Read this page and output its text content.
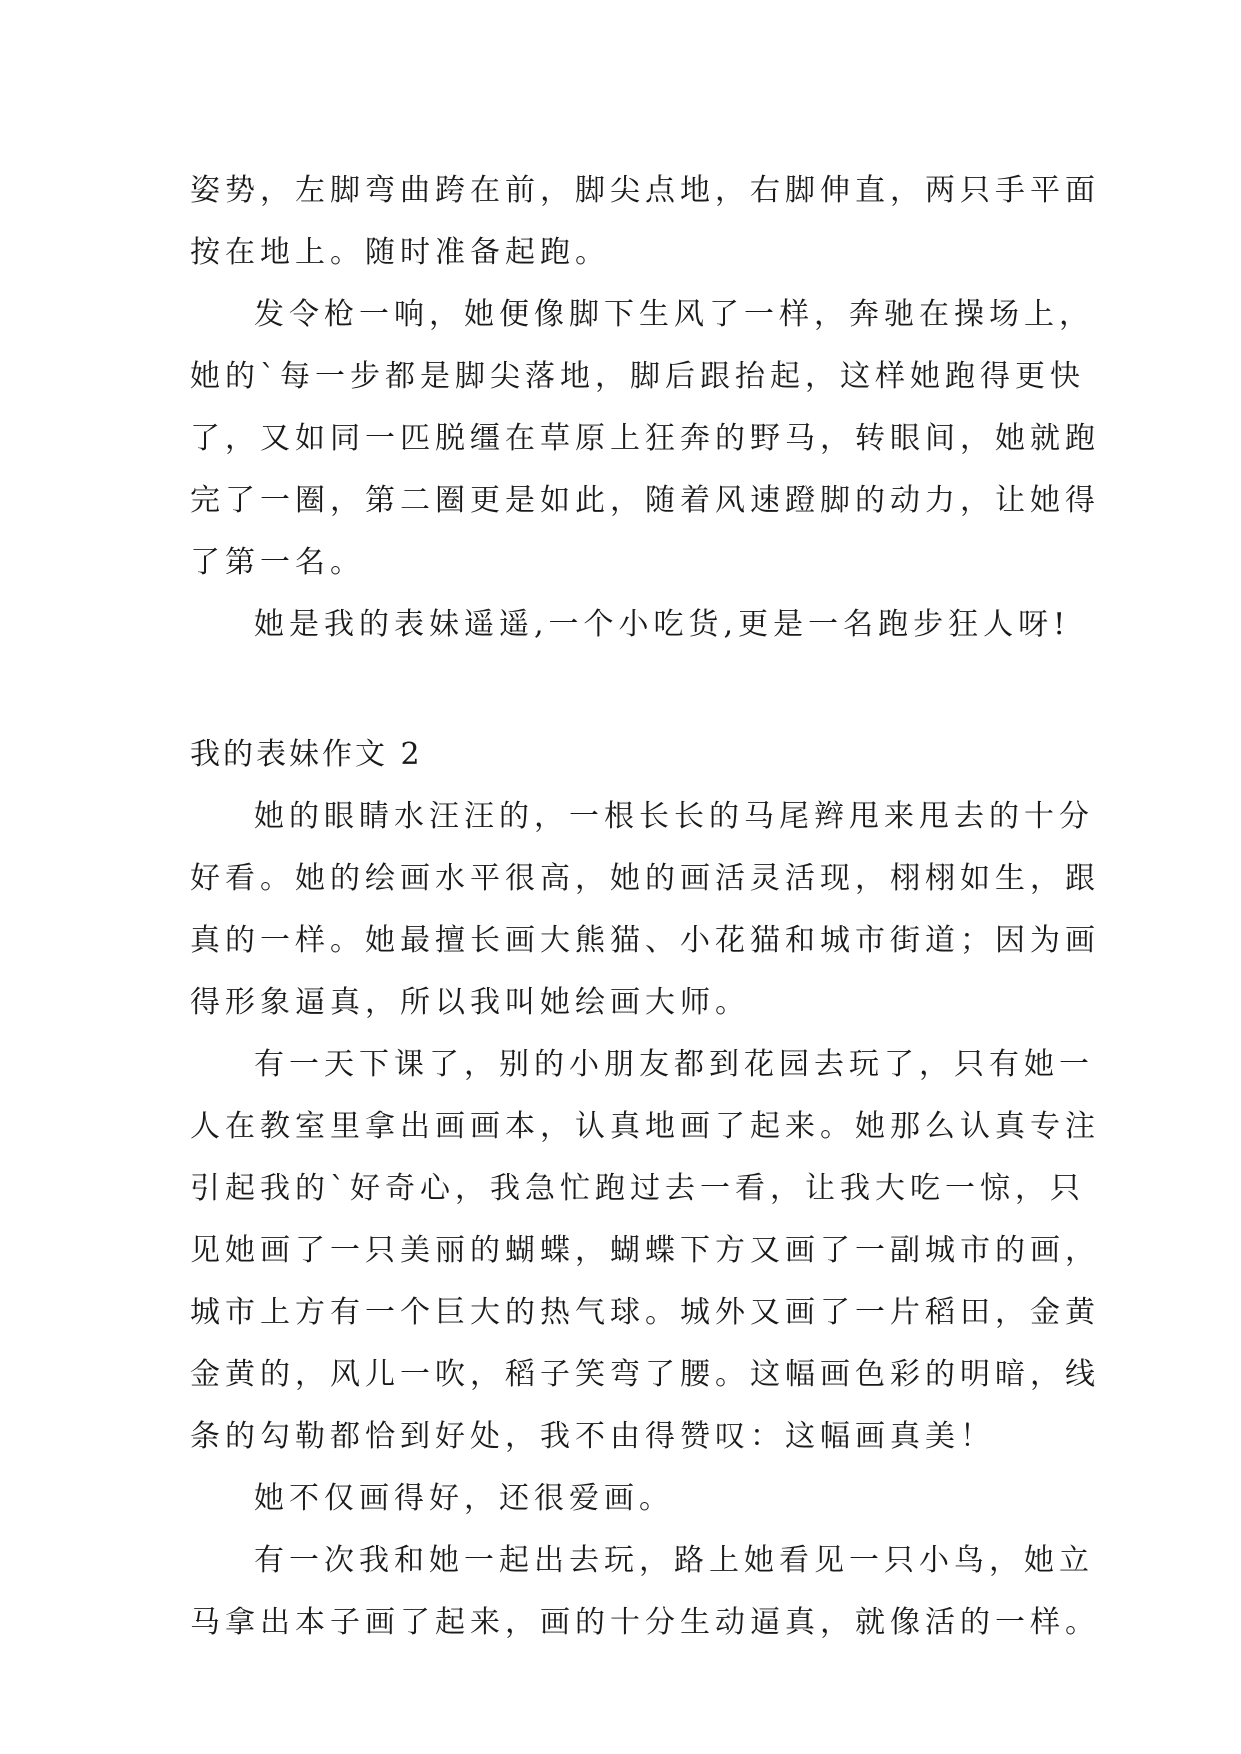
姿势，左脚弯曲跨在前，脚尖点地，右脚伸直，两只手平面
按在地上。随时准备起跑。
发令枪一响，她便像脚下生风了一样，奔驰在操场上，
她的`每一步都是脚尖落地，脚后跟抬起，这样她跑得更快
了，又如同一匹脱缰在草原上狂奔的野马，转眼间，她就跑
完了一圈，第二圈更是如此，随着风速蹬脚的动力，让她得
了第一名。
她是我的表妹遥遥,一个小吃货,更是一名跑步狂人呀!
我的表妹作文 2
她的眼睛水汪汪的，一根长长的马尾辫甩来甩去的十分
好看。她的绘画水平很高，她的画活灵活现，栩栩如生，跟
真的一样。她最擅长画大熊猫、小花猫和城市街道；因为画
得形象逼真，所以我叫她绘画大师。
有一天下课了，别的小朋友都到花园去玩了，只有她一
人在教室里拿出画画本，认真地画了起来。她那么认真专注
引起我的`好奇心，我急忙跑过去一看，让我大吃一惊，只
见她画了一只美丽的蝴蝶，蝴蝶下方又画了一副城市的画，
城市上方有一个巨大的热气球。城外又画了一片稻田，金黄
金黄的，风儿一吹，稻子笑弯了腰。这幅画色彩的明暗，线
条的勾勒都恰到好处，我不由得赞叹：这幅画真美！
她不仅画得好，还很爱画。
有一次我和她一起出去玩，路上她看见一只小鸟，她立
马拿出本子画了起来，画的十分生动逼真，就像活的一样。
